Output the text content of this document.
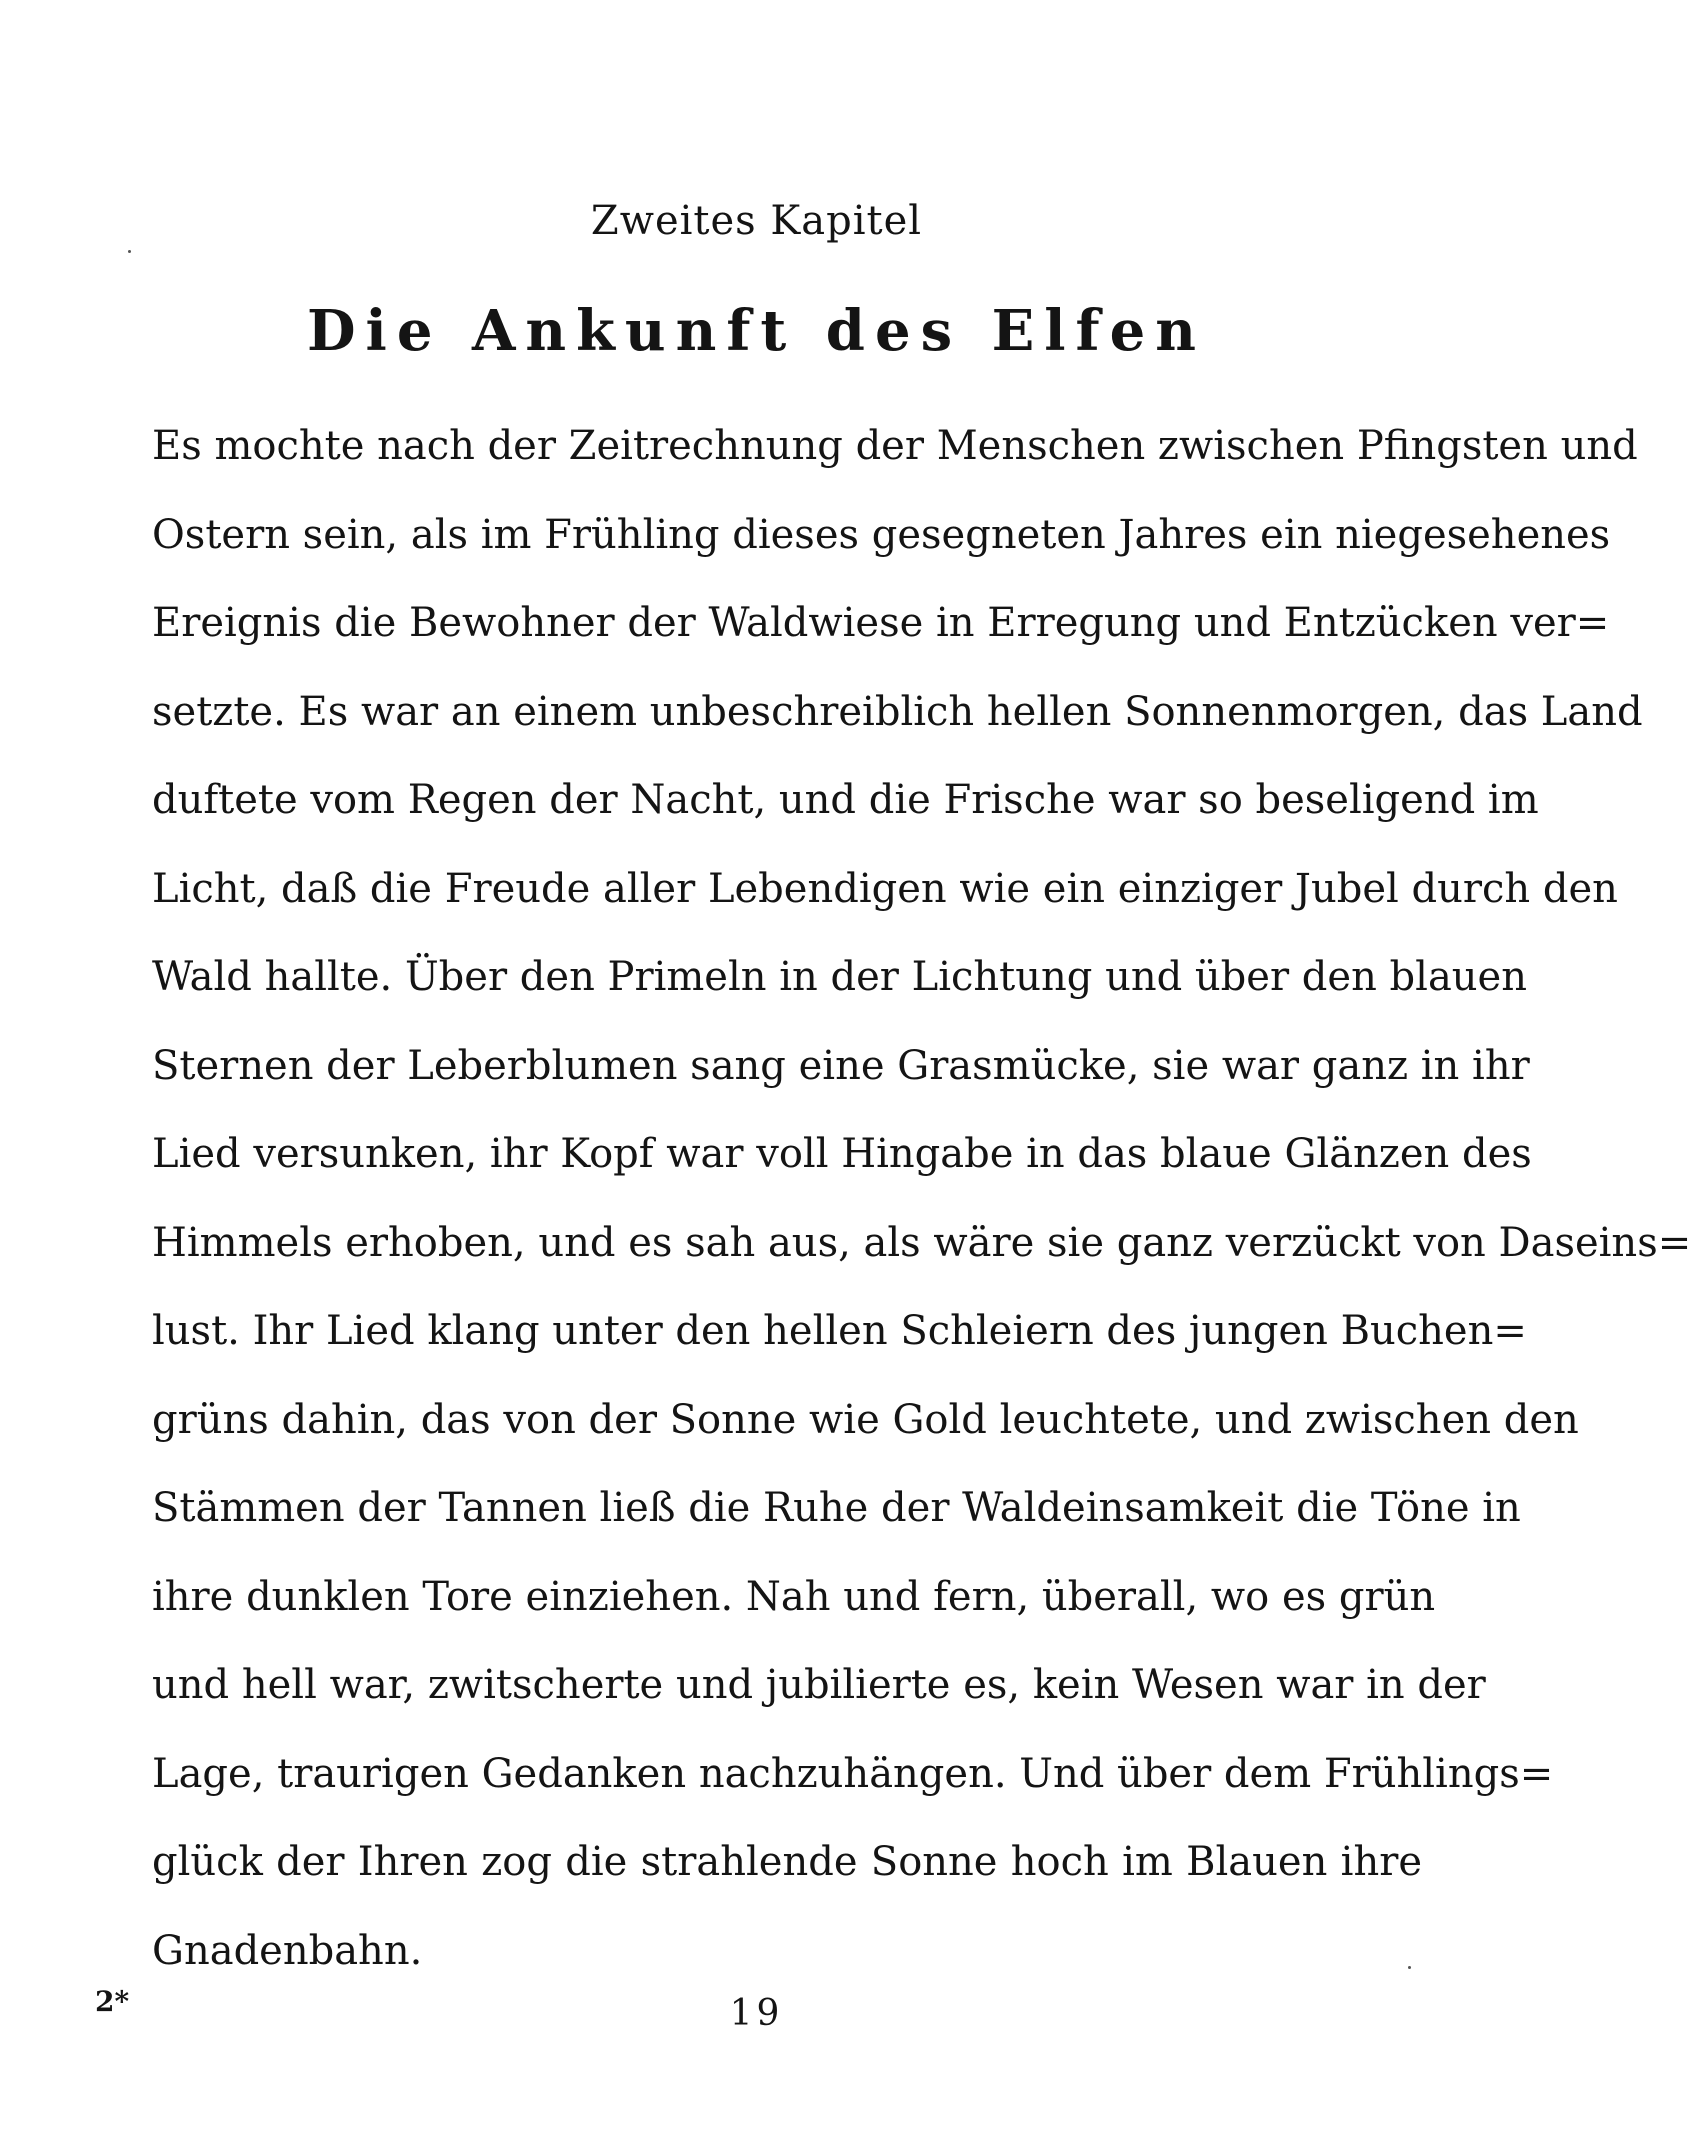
Zweites Kapitel
Die Ankunft des Elfen
Es mochte nach der Zeitrechnung der Menschen zwischen Pfingsten und
Ostern sein, als im Frühling dieses gesegneten Jahres ein niegesehenes
Ereignis die Bewohner der Waldwiese in Erregung und Entzücken ver=
setzte. Es war an einem unbeschreiblich hellen Sonnenmorgen, das Land
duftete vom Regen der Nacht, und die Frische war so beseligend im
Licht, daß die Freude aller Lebendigen wie ein einziger Jubel durch den
Wald hallte. Über den Primeln in der Lichtung und über den blauen
Sternen der Leberblumen sang eine Grasmücke, sie war ganz in ihr
Lied versunken, ihr Kopf war voll Hingabe in das blaue Glänzen des
Himmels erhoben, und es sah aus, als wäre sie ganz verzückt von Daseins=
lust. Ihr Lied klang unter den hellen Schleiern des jungen Buchen=
grüns dahin, das von der Sonne wie Gold leuchtete, und zwischen den
Stämmen der Tannen ließ die Ruhe der Waldeinsamkeit die Töne in
ihre dunklen Tore einziehen. Nah und fern, überall, wo es grün
und hell war, zwitscherte und jubilierte es, kein Wesen war in der
Lage, traurigen Gedanken nachzuhängen. Und über dem Frühlings=
glück der Ihren zog die strahlende Sonne hoch im Blauen ihre
Gnadenbahn.
2*	19
